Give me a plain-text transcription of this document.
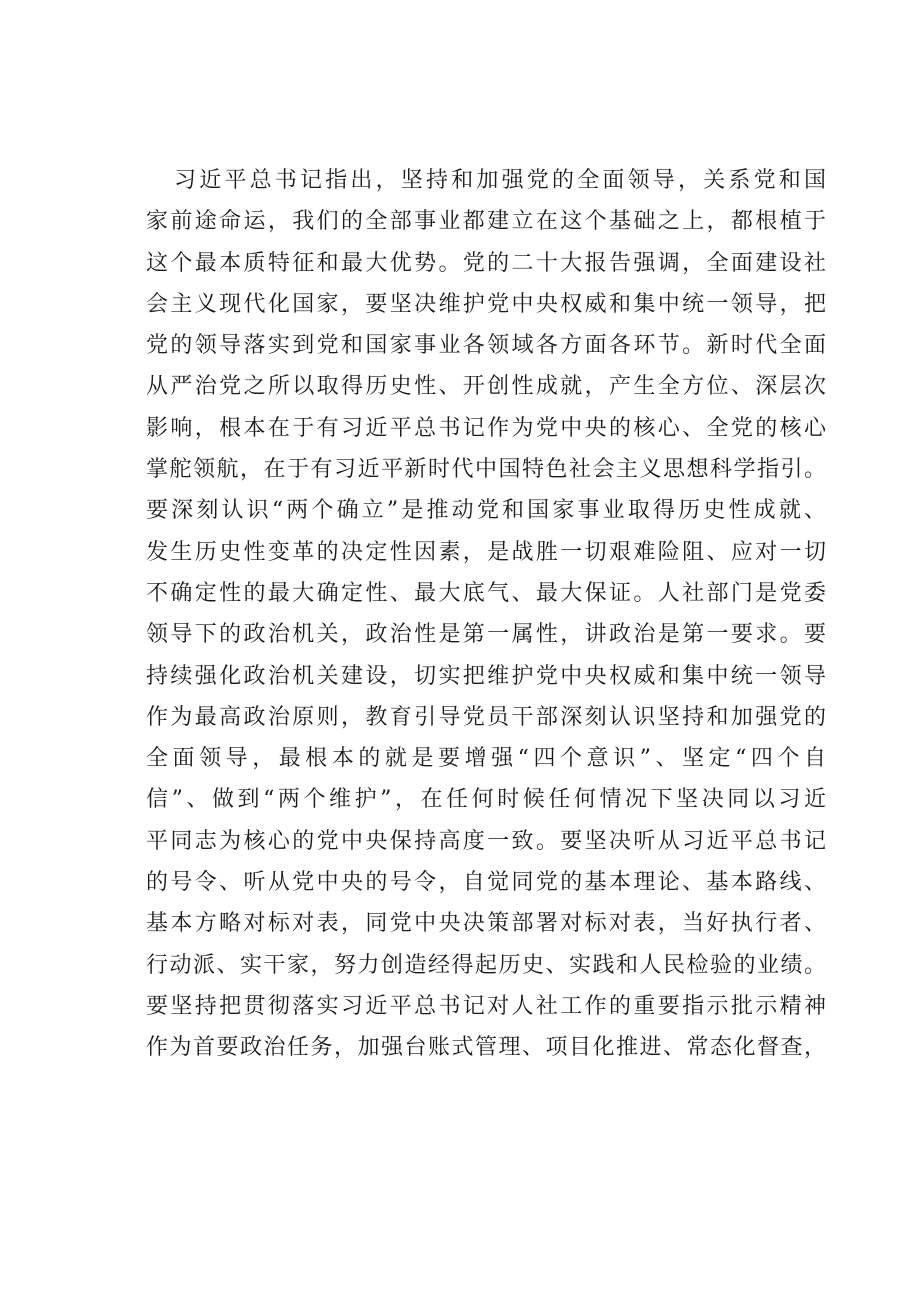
习近平总书记指出，坚持和加强党的全面领导，关系党和国
家前途命运，我们的全部事业都建立在这个基础之上，都根植于
这个最本质特征和最大优势。党的二十大报告强调，全面建设社
会主义现代化国家，要坚决维护党中央权威和集中统一领导，把
党的领导落实到党和国家事业各领域各方面各环节。新时代全面
从严治党之所以取得历史性、开创性成就，产生全方位、深层次
影响，根本在于有习近平总书记作为党中央的核心、全党的核心
掌舵领航，在于有习近平新时代中国特色社会主义思想科学指引。
要深刻认识“两个确立”是推动党和国家事业取得历史性成就、
发生历史性变革的决定性因素，是战胜一切艰难险阻、应对一切
不确定性的最大确定性、最大底气、最大保证。人社部门是党委
领导下的政治机关，政治性是第一属性，讲政治是第一要求。要
持续强化政治机关建设，切实把维护党中央权威和集中统一领导
作为最高政治原则，教育引导党员干部深刻认识坚持和加强党的
全面领导，最根本的就是要增强“四个意识”、坚定“四个自
信”、做到“两个维护”，在任何时候任何情况下坚决同以习近
平同志为核心的党中央保持高度一致。要坚决听从习近平总书记
的号令、听从党中央的号令，自觉同党的基本理论、基本路线、
基本方略对标对表，同党中央决策部署对标对表，当好执行者、
行动派、实干家，努力创造经得起历史、实践和人民检验的业绩。
要坚持把贯彻落实习近平总书记对人社工作的重要指示批示精神
作为首要政治任务，加强台账式管理、项目化推进、常态化督查，
